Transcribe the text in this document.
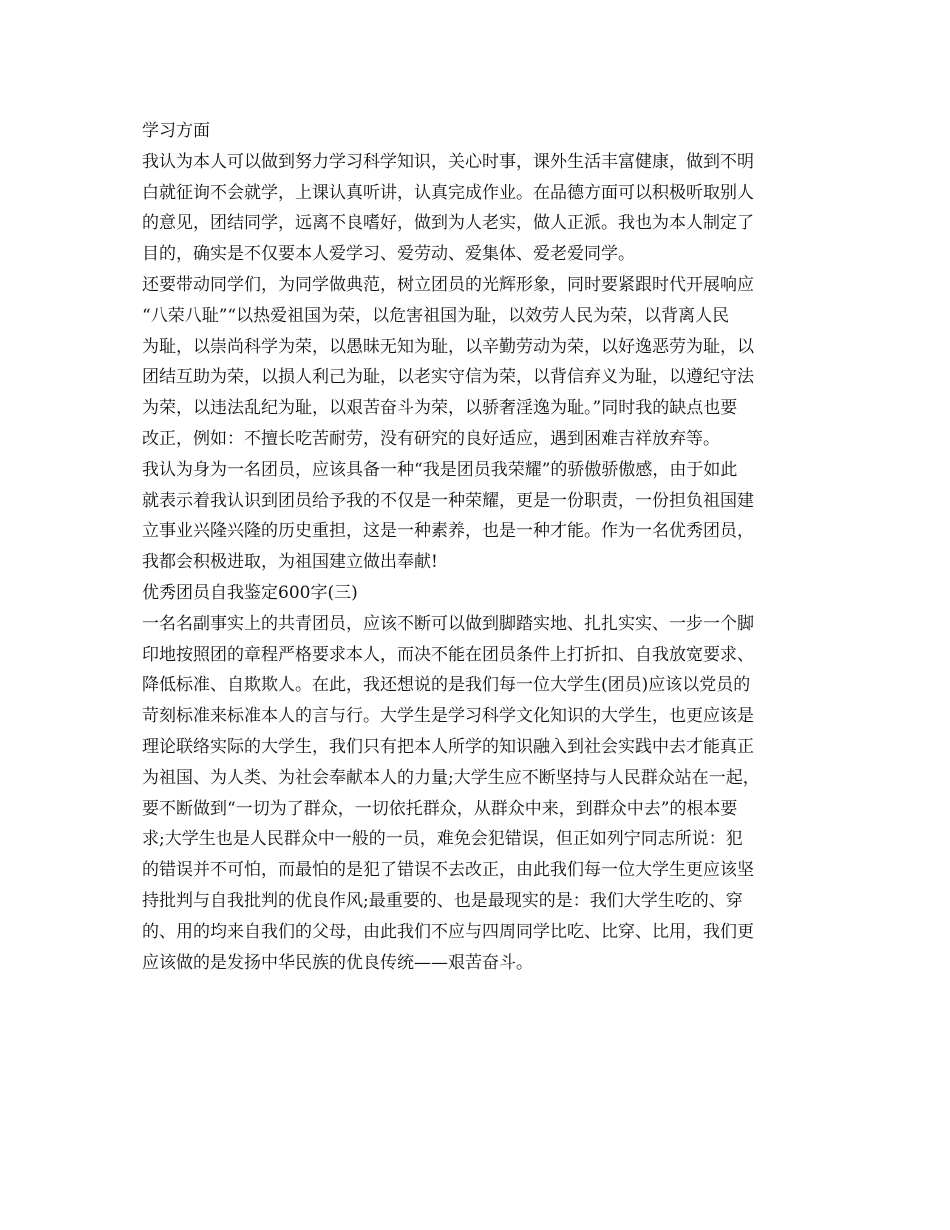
学习方面
我认为本人可以做到努力学习科学知识，关心时事，课外生活丰富健康，做到不明
白就征询不会就学，上课认真听讲，认真完成作业。在品德方面可以积极听取别人
的意见，团结同学，远离不良嗜好，做到为人老实，做人正派。我也为本人制定了
目的，确实是不仅要本人爱学习、爱劳动、爱集体、爱老爱同学。
还要带动同学们，为同学做典范，树立团员的光辉形象，同时要紧跟时代开展响应
“八荣八耻”“以热爱祖国为荣，以危害祖国为耻，以效劳人民为荣，以背离人民
为耻，以崇尚科学为荣，以愚昧无知为耻，以辛勤劳动为荣，以好逸恶劳为耻，以
团结互助为荣，以损人利己为耻，以老实守信为荣，以背信弃义为耻，以遵纪守法
为荣，以违法乱纪为耻，以艰苦奋斗为荣，以骄奢淫逸为耻。”同时我的缺点也要
改正，例如：不擅长吃苦耐劳，没有研究的良好适应，遇到困难吉祥放弃等。
我认为身为一名团员，应该具备一种“我是团员我荣耀”的骄傲骄傲感，由于如此
就表示着我认识到团员给予我的不仅是一种荣耀，更是一份职责，一份担负祖国建
立事业兴隆兴隆的历史重担，这是一种素养，也是一种才能。作为一名优秀团员，
我都会积极进取，为祖国建立做出奉献!
优秀团员自我鉴定600字(三)
一名名副事实上的共青团员，应该不断可以做到脚踏实地、扎扎实实、一步一个脚
印地按照团的章程严格要求本人，而决不能在团员条件上打折扣、自我放宽要求、
降低标准、自欺欺人。在此，我还想说的是我们每一位大学生(团员)应该以党员的
苛刻标准来标准本人的言与行。大学生是学习科学文化知识的大学生，也更应该是
理论联络实际的大学生，我们只有把本人所学的知识融入到社会实践中去才能真正
为祖国、为人类、为社会奉献本人的力量;大学生应不断坚持与人民群众站在一起，
要不断做到“一切为了群众，一切依托群众，从群众中来，到群众中去”的根本要
求;大学生也是人民群众中一般的一员，难免会犯错误，但正如列宁同志所说：犯
的错误并不可怕，而最怕的是犯了错误不去改正，由此我们每一位大学生更应该坚
持批判与自我批判的优良作风;最重要的、也是最现实的是：我们大学生吃的、穿
的、用的均来自我们的父母，由此我们不应与四周同学比吃、比穿、比用，我们更
应该做的是发扬中华民族的优良传统——艰苦奋斗。
